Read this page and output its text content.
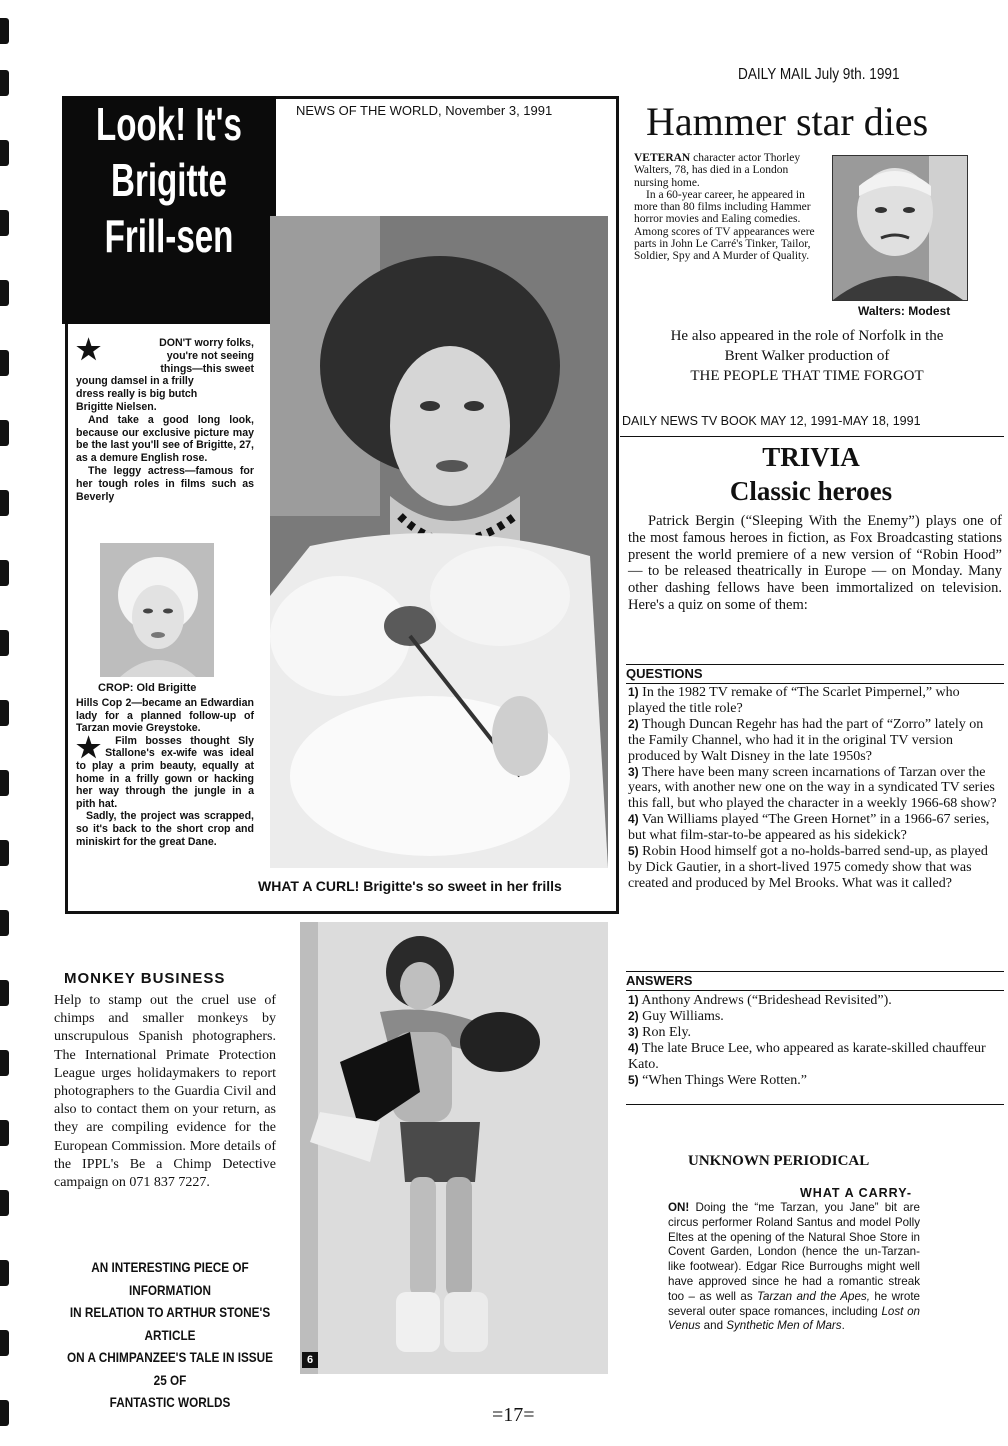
Look! It's
Brigitte
Frill-sen
NEWS OF THE WORLD, November 3, 1991
WHAT A CURL! Brigitte's so sweet in her frills
★	DON'T worry folks,
you're not seeing
things—this sweet
young damsel in a frilly
dress really is big butch
Brigitte Nielsen.

And take a good long look, because our exclusive picture may be the last you'll see of Brigitte, 27, as a demure English rose.

The leggy actress—famous for her tough roles in films such as Beverly

CROP: Old Brigitte

Hills Cop 2—became an Edwardian lady for a planned follow-up of Tarzan movie Greystoke.

★	Film bosses thought Sly Stallone's ex-wife was ideal to play a prim beauty, equally at home in a frilly gown or hacking her way through the jungle in a pith hat.

Sadly, the project was scrapped, so it's back to the short crop and miniskirt for the great Dane.

DAILY MAIL July 9th. 1991
Hammer star dies

VETERAN character actor Thorley Walters, 78, has died in a London nursing home.

In a 60-year career, he appeared in more than 80 films including Hammer horror movies and Ealing comedies. Among scores of TV appearances were parts in John Le Carré's Tinker, Tailor, Soldier, Spy and A Murder of Quality.

Walters: Modest
He also appeared in the role of Norfolk in the
Brent Walker production of
THE PEOPLE THAT TIME FORGOT
DAILY NEWS TV BOOK MAY 12, 1991-MAY 18, 1991
TRIVIA
Classic heroes
Patrick Bergin (“Sleeping With the Enemy”) plays one of the most famous heroes in fiction, as Fox Broadcasting stations present the world premiere of a new version of “Robin Hood” — to be released theatrically in Europe — on Monday. Many other dashing fellows have been immortalized on television. Here's a quiz on some of them:
QUESTIONS

1) In the 1982 TV remake of “The Scarlet Pimpernel,” who played the title role?

2) Though Duncan Regehr has had the part of “Zorro” lately on the Family Channel, who had it in the original TV version produced by Walt Disney in the late 1950s?

3) There have been many screen incarnations of Tarzan over the years, with another new one on the way in a syndicated TV series this fall, but who played the character in a weekly 1966-68 show?

4) Van Williams played “The Green Hornet” in a 1966-67 series, but what film-star-to-be appeared as his sidekick?

5) Robin Hood himself got a no-holds-barred send-up, as played by Dick Gautier, in a short-lived 1975 comedy show that was created and produced by Mel Brooks. What was it called?

ANSWERS

1) Anthony Andrews (“Brideshead Revisited”).

2) Guy Williams.

3) Ron Ely.

4) The late Bruce Lee, who appeared as karate-skilled chauffeur Kato.

5) “When Things Were Rotten.”

MONKEY BUSINESS
Help to stamp out the cruel use of chimps and smaller monkeys by unscrupulous Spanish photographers. The International Primate Protection League urges holidaymakers to report photographers to the Guardia Civil and also to contact them on your return, as they are compiling evidence for the European Commission. More details of the IPPL's Be a Chimp Detective campaign on 071 837 7227.
AN INTERESTING PIECE OF INFORMATION
IN RELATION TO ARTHUR STONE'S ARTICLE
ON A CHIMPANZEE'S TALE IN ISSUE 25 OF
FANTASTIC WORLDS
6
UNKNOWN PERIODICAL
WHAT A CARRY-
ON! Doing the “me Tarzan, you Jane” bit are circus performer Roland Santus and model Polly Eltes at the opening of the Natural Shoe Store in Covent Garden, London (hence the un-Tarzan-like footwear). Edgar Rice Burroughs might well have approved since he had a romantic streak too – as well as Tarzan and the Apes, he wrote several outer space romances, including Lost on Venus and Synthetic Men of Mars.
=17=
